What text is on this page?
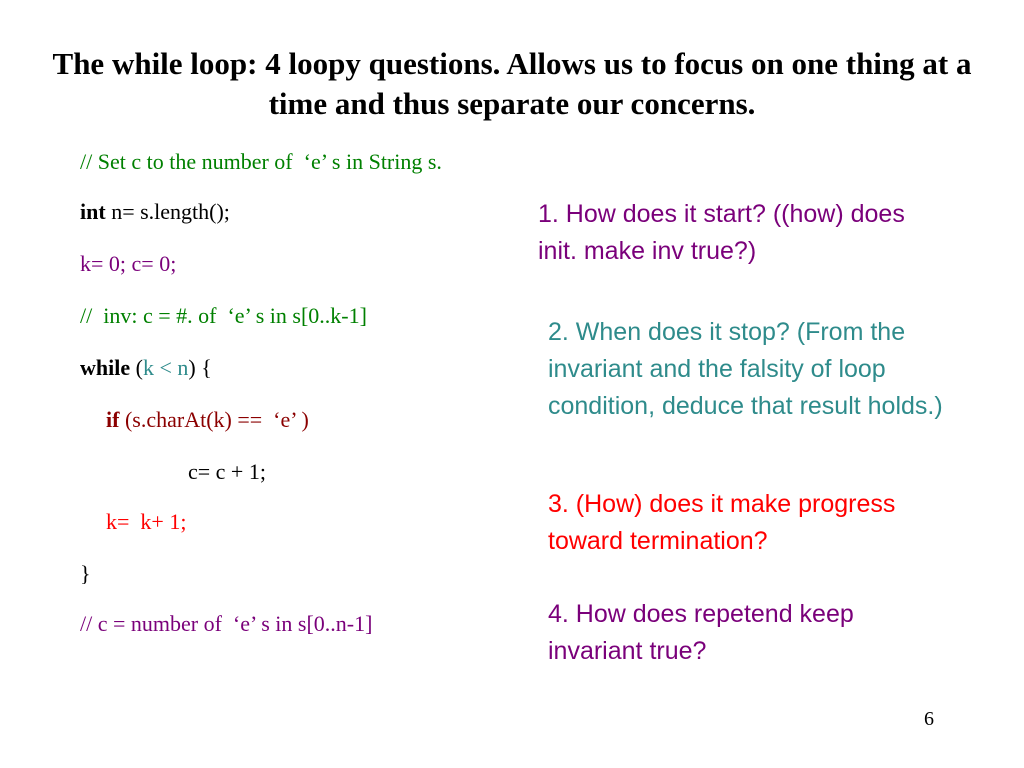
The while loop: 4 loopy questions. Allows us to focus on one thing at a time and thus separate our concerns.
// Set c to the number of  ‘e’ s in String s.
int n= s.length();
k= 0; c= 0;
//  inv: c = #. of  ‘e’ s in s[0..k-1]
while (k < n) {
if (s.charAt(k) ==  ‘e’ )
c= c + 1;
k=  k+ 1;
}
// c = number of  ‘e’ s in s[0..n-1]
1. How does it start? ((how) does init. make inv true?)
2. When does it stop? (From the invariant and the falsity of loop condition, deduce that result holds.)
3. (How) does it make progress toward termination?
4. How does repetend keep invariant true?
6
